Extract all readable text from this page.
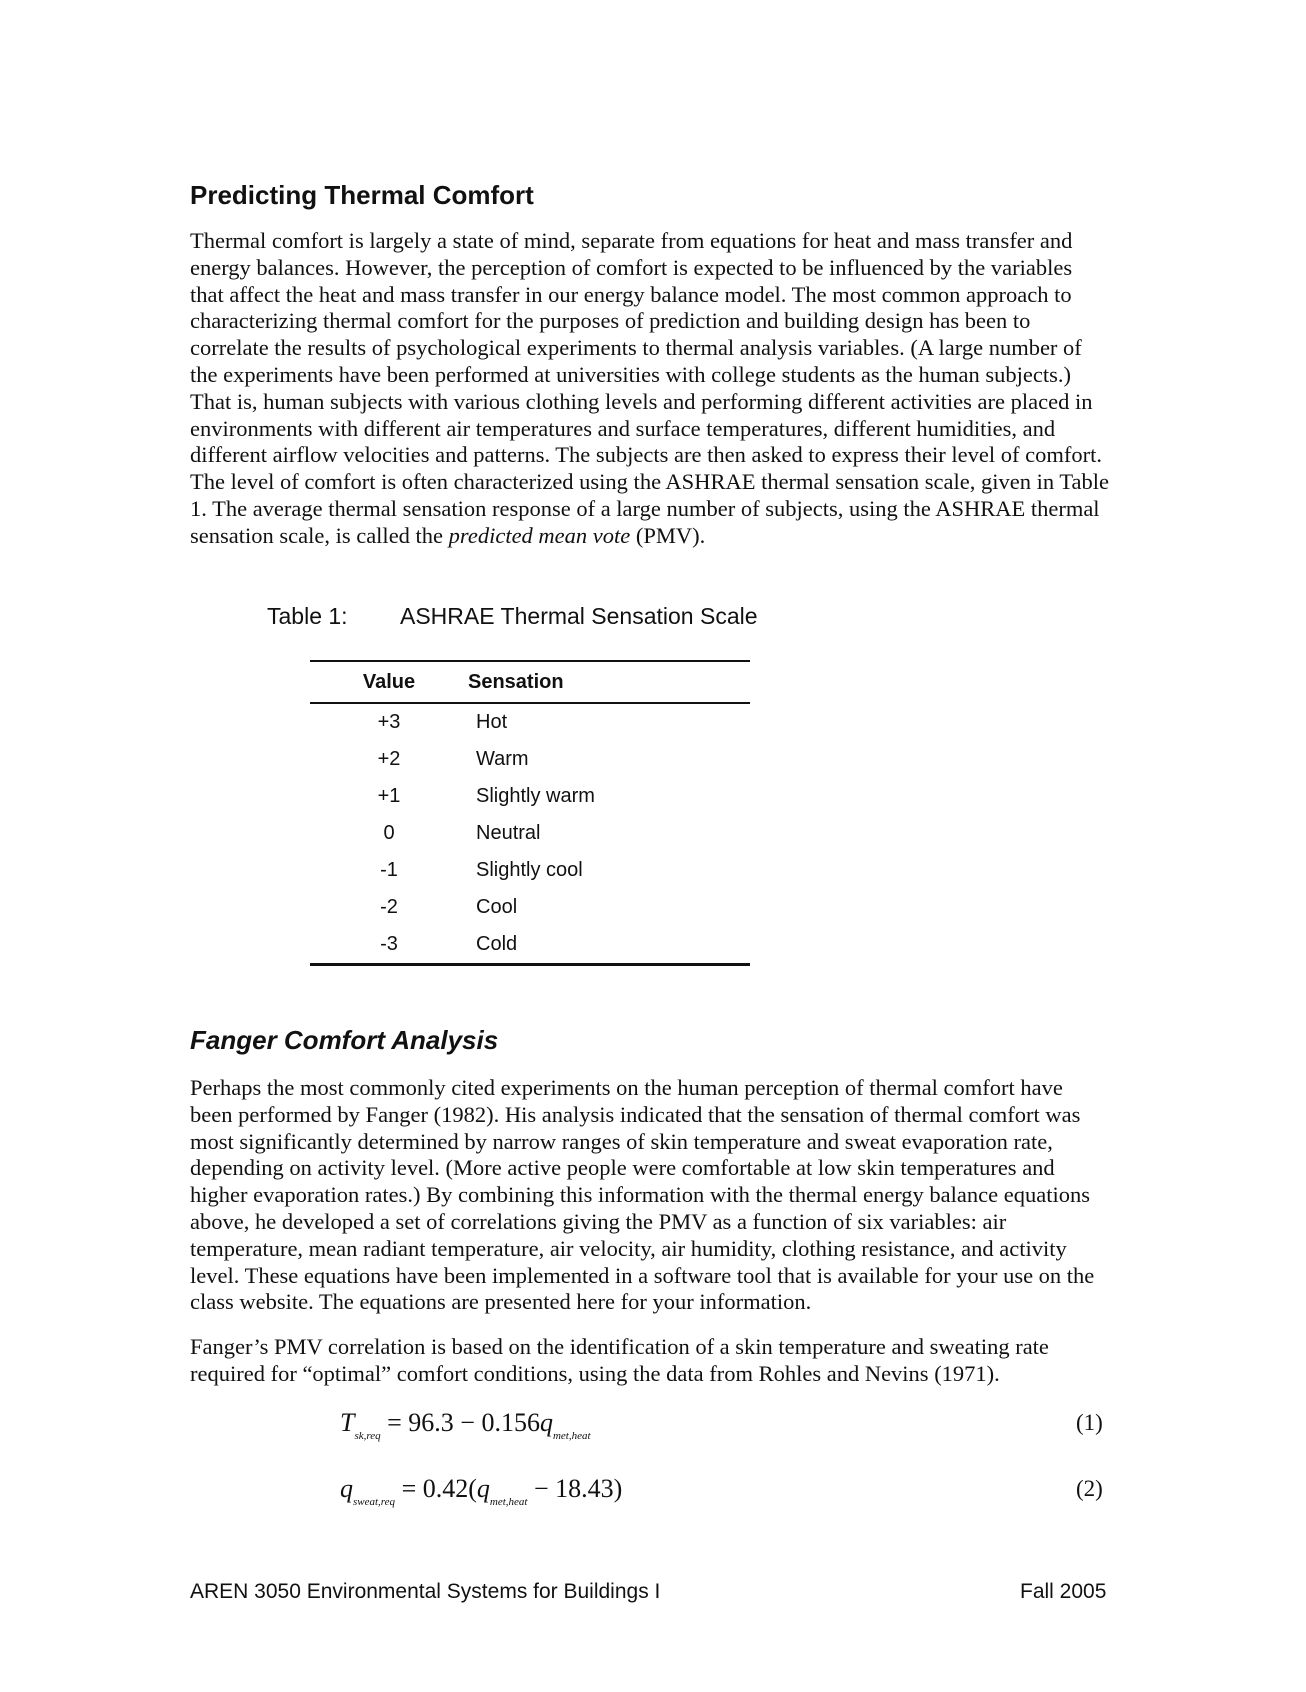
Predicting Thermal Comfort
Thermal comfort is largely a state of mind, separate from equations for heat and mass transfer and energy balances. However, the perception of comfort is expected to be influenced by the variables that affect the heat and mass transfer in our energy balance model. The most common approach to characterizing thermal comfort for the purposes of prediction and building design has been to correlate the results of psychological experiments to thermal analysis variables. (A large number of the experiments have been performed at universities with college students as the human subjects.) That is, human subjects with various clothing levels and performing different activities are placed in environments with different air temperatures and surface temperatures, different humidities, and different airflow velocities and patterns. The subjects are then asked to express their level of comfort. The level of comfort is often characterized using the ASHRAE thermal sensation scale, given in Table 1. The average thermal sensation response of a large number of subjects, using the ASHRAE thermal sensation scale, is called the predicted mean vote (PMV).
Table 1: ASHRAE Thermal Sensation Scale
Value	Sensation
+3	Hot
+2	Warm
+1	Slightly warm
0	Neutral
-1	Slightly cool
-2	Cool
-3	Cold
Fanger Comfort Analysis
Perhaps the most commonly cited experiments on the human perception of thermal comfort have been performed by Fanger (1982). His analysis indicated that the sensation of thermal comfort was most significantly determined by narrow ranges of skin temperature and sweat evaporation rate, depending on activity level. (More active people were comfortable at low skin temperatures and higher evaporation rates.) By combining this information with the thermal energy balance equations above, he developed a set of correlations giving the PMV as a function of six variables: air temperature, mean radiant temperature, air velocity, air humidity, clothing resistance, and activity level. These equations have been implemented in a software tool that is available for your use on the class website. The equations are presented here for your information.
Fanger’s PMV correlation is based on the identification of a skin temperature and sweating rate required for “optimal” comfort conditions, using the data from Rohles and Nevins (1971).
$T_{sk,req} = 96.3 - 0.156q_{met,heat}$
(1)
$q_{sweat,req} = 0.42(q_{met,heat} - 18.43)$	(2)
AREN 3050 Environmental Systems for Buildings I	Fall 2005
